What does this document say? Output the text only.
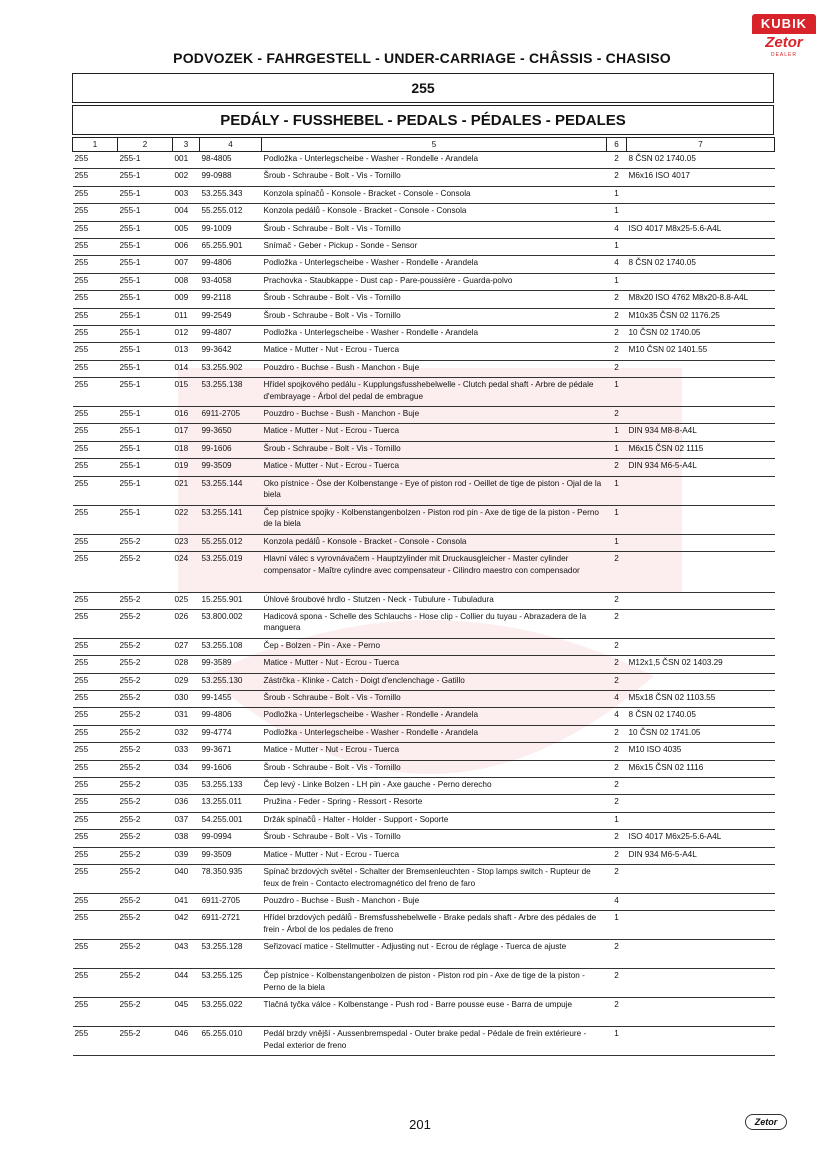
KUBIK
Zetor
DEALER
PODVOZEK - FAHRGESTELL - UNDER-CARRIAGE - CHÂSSIS - CHASISO
255
PEDÁLY - FUSSHEBEL - PEDALS - PÉDALES - PEDALES
1	2	3	4	5	6	7
255	255-1	001	98-4805	Podložka - Unterlegscheibe - Washer - Rondelle - Arandela	2	8 ČSN 02 1740.05
255	255-1	002	99-0988	Šroub - Schraube - Bolt - Vis - Tornillo	2	M6x16 ISO 4017
255	255-1	003	53.255.343	Konzola spínačů - Konsole - Bracket - Console - Consola	1	
255	255-1	004	55.255.012	Konzola pedálů - Konsole - Bracket - Console - Consola	1	
255	255-1	005	99-1009	Šroub - Schraube - Bolt - Vis - Tornillo	4	ISO 4017 M8x25-5.6-A4L
255	255-1	006	65.255.901	Snímač - Geber - Pickup - Sonde - Sensor	1	
255	255-1	007	99-4806	Podložka - Unterlegscheibe - Washer - Rondelle - Arandela	4	8 ČSN 02 1740.05
255	255-1	008	93-4058	Prachovka - Staubkappe - Dust cap - Pare-poussière - Guarda-polvo	1	
255	255-1	009	99-2118	Šroub - Schraube - Bolt - Vis - Tornillo	2	M8x20 ISO 4762 M8x20-8.8-A4L
255	255-1	011	99-2549	Šroub - Schraube - Bolt - Vis - Tornillo	2	M10x35 ČSN 02 1176.25
255	255-1	012	99-4807	Podložka - Unterlegscheibe - Washer - Rondelle - Arandela	2	10 ČSN 02 1740.05
255	255-1	013	99-3642	Matice - Mutter - Nut - Ecrou - Tuerca	2	M10 ČSN 02 1401.55
255	255-1	014	53.255.902	Pouzdro - Buchse - Bush - Manchon - Buje	2	
255	255-1	015	53.255.138	Hřídel spojkového pedálu - Kupplungsfusshebelwelle - Clutch pedal shaft - Arbre de pédale d'embrayage - Árbol del pedal de embrague	1	
255	255-1	016	6911-2705	Pouzdro - Buchse - Bush - Manchon - Buje	2	
255	255-1	017	99-3650	Matice - Mutter - Nut - Ecrou - Tuerca	1	DIN 934 M8-8-A4L
255	255-1	018	99-1606	Šroub - Schraube - Bolt - Vis - Tornillo	1	M6x15 ČSN 02 1115
255	255-1	019	99-3509	Matice - Mutter - Nut - Ecrou - Tuerca	2	DIN 934 M6-5-A4L
255	255-1	021	53.255.144	Oko pístnice - Öse der Kolbenstange - Eye of piston rod - Oeillet de tige de piston - Ojal de la biela	1	
255	255-1	022	53.255.141	Čep pístnice spojky - Kolbenstangenbolzen - Piston rod pin - Axe de tige de la piston - Perno de la biela	1	
255	255-2	023	55.255.012	Konzola pedálů - Konsole - Bracket - Console - Consola	1	
255	255-2	024	53.255.019	Hlavní válec s vyrovnávačem - Hauptzylinder mit Druckausgleicher - Master cylinder compensator - Maître cylindre avec compensateur - Cilindro maestro con compensador	2	
255	255-2	025	15.255.901	Úhlové šroubové hrdlo - Stutzen - Neck - Tubulure - Tubuladura	2	
255	255-2	026	53.800.002	Hadicová spona - Schelle des Schlauchs - Hose clip - Collier du tuyau - Abrazadera de la manguera	2	
255	255-2	027	53.255.108	Čep - Bolzen - Pin - Axe - Perno	2	
255	255-2	028	99-3589	Matice - Mutter - Nut - Ecrou - Tuerca	2	M12x1,5 ČSN 02 1403.29
255	255-2	029	53.255.130	Zástrčka - Klinke - Catch - Doigt d'enclenchage - Gatillo	2	
255	255-2	030	99-1455	Šroub - Schraube - Bolt - Vis - Tornillo	4	M5x18 ČSN 02 1103.55
255	255-2	031	99-4806	Podložka - Unterlegscheibe - Washer - Rondelle - Arandela	4	8 ČSN 02 1740.05
255	255-2	032	99-4774	Podložka - Unterlegscheibe - Washer - Rondelle - Arandela	2	10 ČSN 02 1741.05
255	255-2	033	99-3671	Matice - Mutter - Nut - Ecrou - Tuerca	2	M10 ISO 4035
255	255-2	034	99-1606	Šroub - Schraube - Bolt - Vis - Tornillo	2	M6x15 ČSN 02 1116
255	255-2	035	53.255.133	Čep levý - Linke Bolzen - LH pin - Axe gauche - Perno derecho	2	
255	255-2	036	13.255.011	Pružina - Feder - Spring - Ressort - Resorte	2	
255	255-2	037	54.255.001	Držák spínačů - Halter - Holder - Support - Soporte	1	
255	255-2	038	99-0994	Šroub - Schraube - Bolt - Vis - Tornillo	2	ISO 4017 M6x25-5.6-A4L
255	255-2	039	99-3509	Matice - Mutter - Nut - Ecrou - Tuerca	2	DIN 934 M6-5-A4L
255	255-2	040	78.350.935	Spínač brzdových světel - Schalter der Bremsenleuchten - Stop lamps switch - Rupteur de feux de frein - Contacto electromagnético del freno de faro	2	
255	255-2	041	6911-2705	Pouzdro - Buchse - Bush - Manchon - Buje	4	
255	255-2	042	6911-2721	Hřídel brzdových pedálů - Bremsfusshebelwelle - Brake pedals shaft - Arbre des pédales de frein - Árbol de los pedales de freno	1	
255	255-2	043	53.255.128	Seřizovací matice - Stellmutter - Adjusting nut - Ecrou de réglage - Tuerca de ajuste	2	
255	255-2	044	53.255.125	Čep pístnice - Kolbenstangenbolzen de piston - Piston rod pin - Axe de tige de la piston - Perno de la biela	2	
255	255-2	045	53.255.022	Tlačná tyčka válce - Kolbenstange - Push rod - Barre pousse euse - Barra de umpuje	2	
255	255-2	046	65.255.010	Pedál brzdy vnější - Aussenbremspedal - Outer brake pedal - Pédale de frein extérieure - Pedal exterior de freno	1	
201	Zetor
